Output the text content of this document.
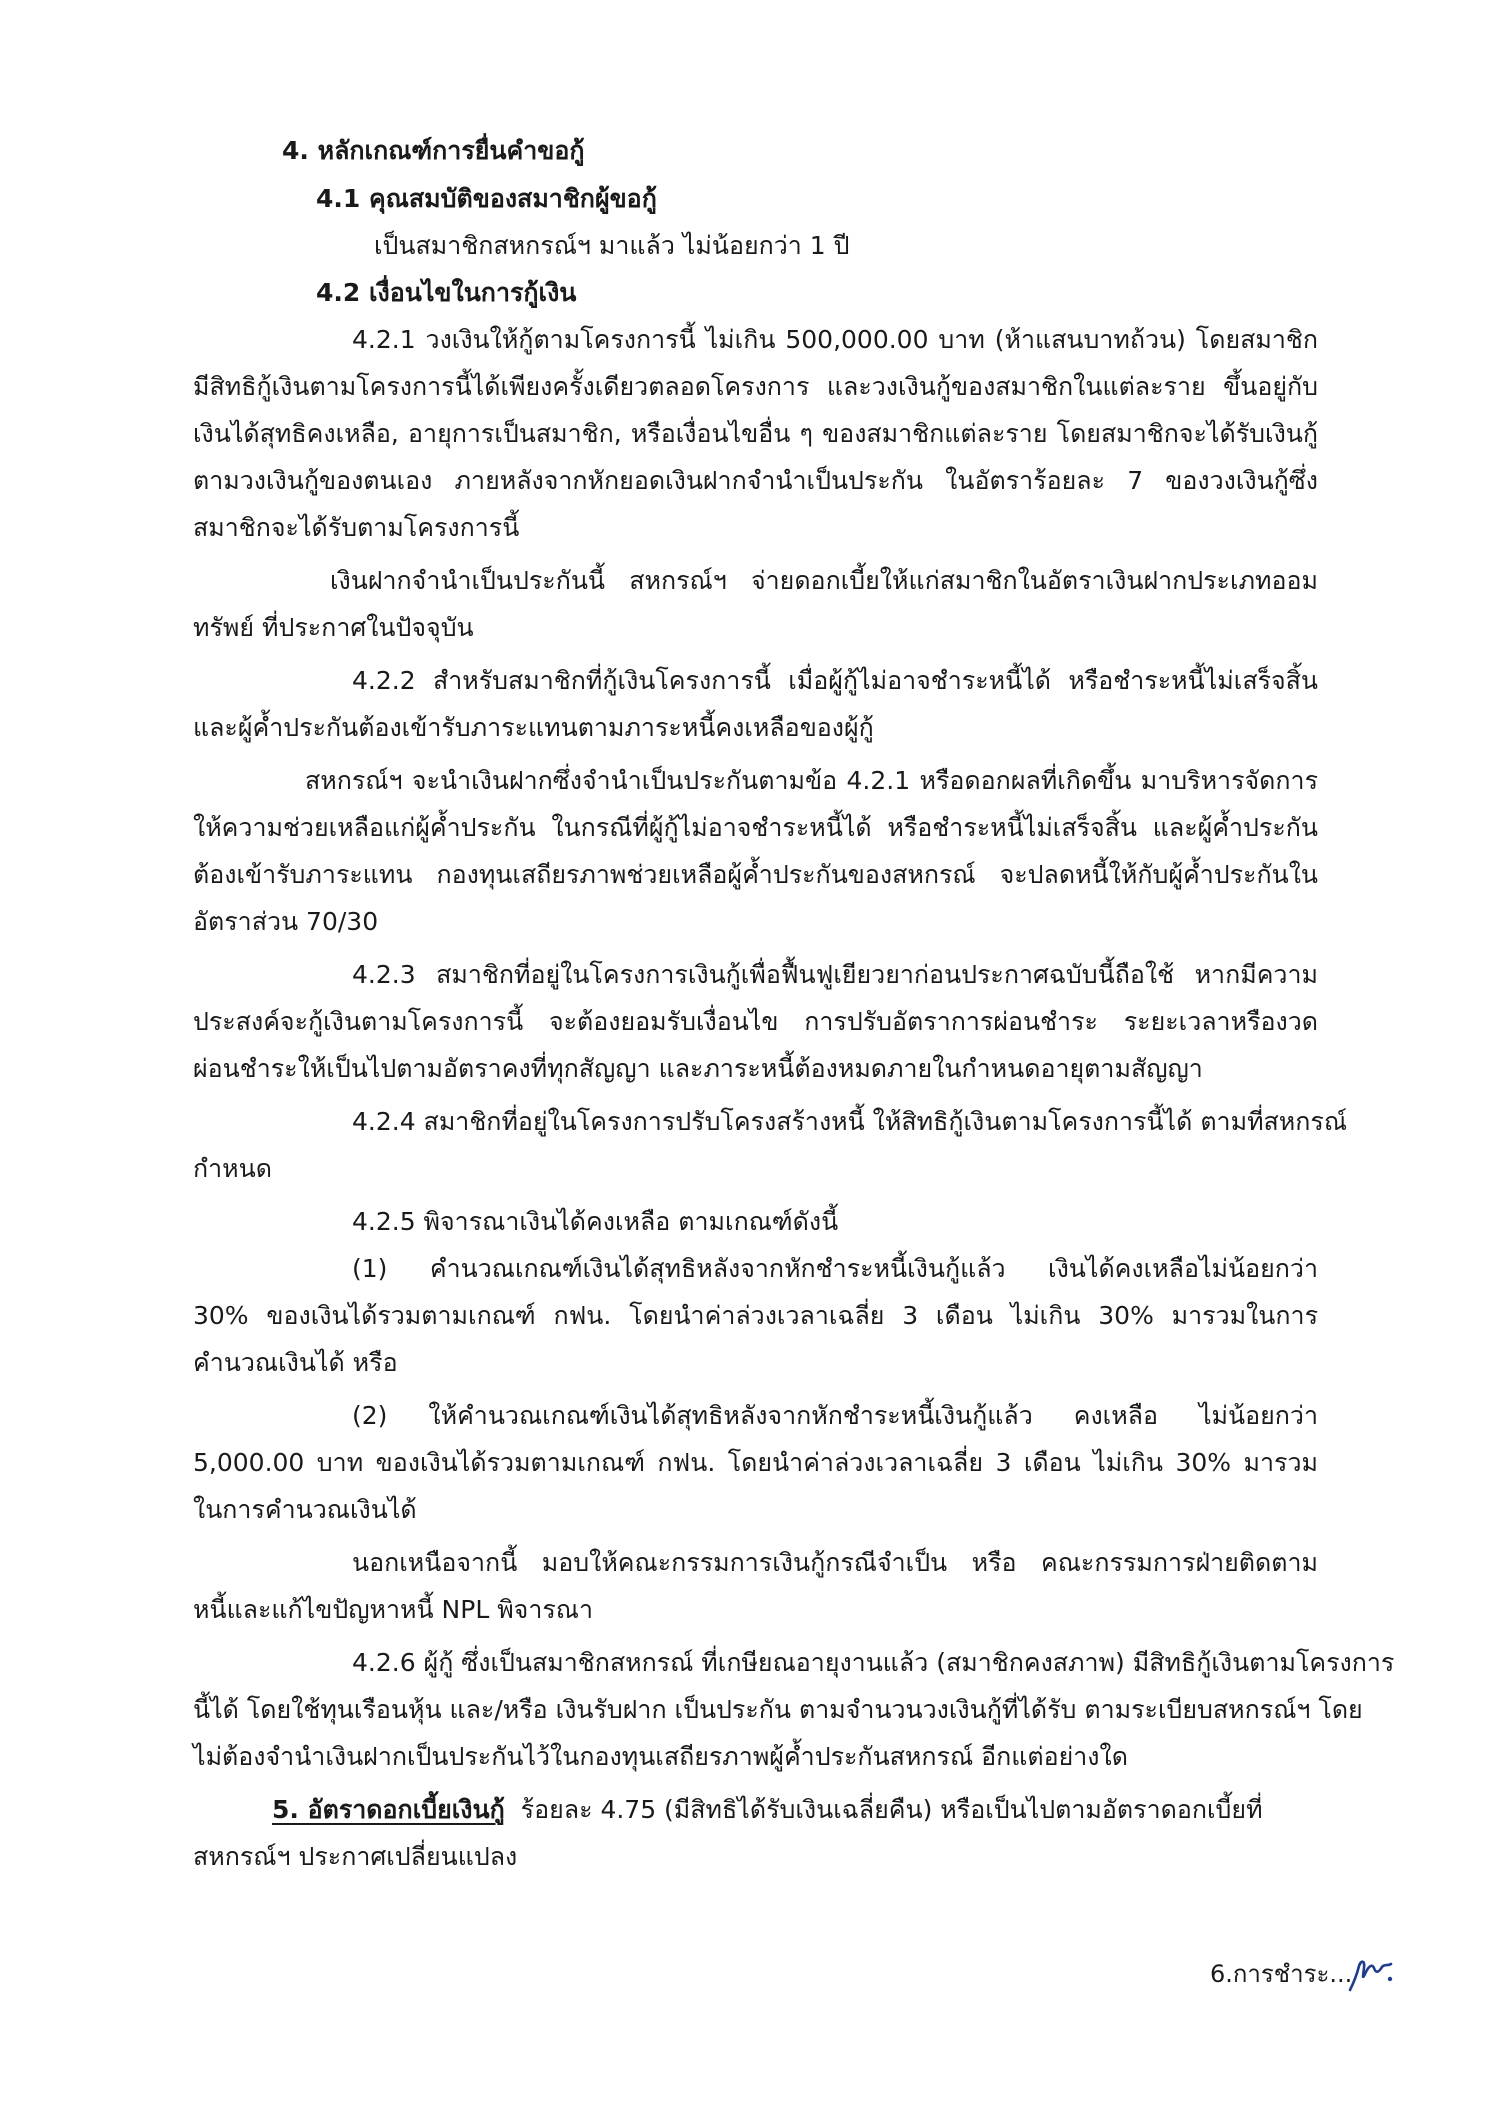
4. หลักเกณฑ์การยื่นคำขอกู้
4.1 คุณสมบัติของสมาชิกผู้ขอกู้
เป็นสมาชิกสหกรณ์ฯ มาแล้ว ไม่น้อยกว่า 1 ปี
4.2 เงื่อนไขในการกู้เงิน
4.2.1 วงเงินให้กู้ตามโครงการนี้ ไม่เกิน 500,000.00 บาท (ห้าแสนบาทถ้วน) โดยสมาชิก
มีสิทธิกู้เงินตามโครงการนี้ได้เพียงครั้งเดียวตลอดโครงการ และวงเงินกู้ของสมาชิกในแต่ละราย ขึ้นอยู่กับ
เงินได้สุทธิคงเหลือ, อายุการเป็นสมาชิก, หรือเงื่อนไขอื่น ๆ ของสมาชิกแต่ละราย โดยสมาชิกจะได้รับเงินกู้
ตามวงเงินกู้ของตนเอง ภายหลังจากหักยอดเงินฝากจำนำเป็นประกัน ในอัตราร้อยละ 7 ของวงเงินกู้ซึ่ง
สมาชิกจะได้รับตามโครงการนี้
เงินฝากจำนำเป็นประกันนี้ สหกรณ์ฯ จ่ายดอกเบี้ยให้แก่สมาชิกในอัตราเงินฝากประเภทออม
ทรัพย์ ที่ประกาศในปัจจุบัน
4.2.2 สำหรับสมาชิกที่กู้เงินโครงการนี้ เมื่อผู้กู้ไม่อาจชำระหนี้ได้ หรือชำระหนี้ไม่เสร็จสิ้น
และผู้ค้ำประกันต้องเข้ารับภาระแทนตามภาระหนี้คงเหลือของผู้กู้
สหกรณ์ฯ จะนำเงินฝากซึ่งจำนำเป็นประกันตามข้อ 4.2.1 หรือดอกผลที่เกิดขึ้น มาบริหารจัดการ
ให้ความช่วยเหลือแก่ผู้ค้ำประกัน ในกรณีที่ผู้กู้ไม่อาจชำระหนี้ได้ หรือชำระหนี้ไม่เสร็จสิ้น และผู้ค้ำประกัน
ต้องเข้ารับภาระแทน กองทุนเสถียรภาพช่วยเหลือผู้ค้ำประกันของสหกรณ์ จะปลดหนี้ให้กับผู้ค้ำประกันใน
อัตราส่วน 70/30
4.2.3 สมาชิกที่อยู่ในโครงการเงินกู้เพื่อฟื้นฟูเยียวยาก่อนประกาศฉบับนี้ถือใช้ หากมีความ
ประสงค์จะกู้เงินตามโครงการนี้ จะต้องยอมรับเงื่อนไข การปรับอัตราการผ่อนชำระ ระยะเวลาหรืองวด
ผ่อนชำระให้เป็นไปตามอัตราคงที่ทุกสัญญา และภาระหนี้ต้องหมดภายในกำหนดอายุตามสัญญา
4.2.4 สมาชิกที่อยู่ในโครงการปรับโครงสร้างหนี้ ให้สิทธิกู้เงินตามโครงการนี้ได้ ตามที่สหกรณ์
กำหนด
4.2.5 พิจารณาเงินได้คงเหลือ ตามเกณฑ์ดังนี้
(1) คำนวณเกณฑ์เงินได้สุทธิหลังจากหักชำระหนี้เงินกู้แล้ว เงินได้คงเหลือไม่น้อยกว่า
30% ของเงินได้รวมตามเกณฑ์ กฟน. โดยนำค่าล่วงเวลาเฉลี่ย 3 เดือน ไม่เกิน 30% มารวมในการ
คำนวณเงินได้ หรือ
(2) ให้คำนวณเกณฑ์เงินได้สุทธิหลังจากหักชำระหนี้เงินกู้แล้ว คงเหลือ ไม่น้อยกว่า
5,000.00 บาท ของเงินได้รวมตามเกณฑ์ กฟน. โดยนำค่าล่วงเวลาเฉลี่ย 3 เดือน ไม่เกิน 30% มารวม
ในการคำนวณเงินได้
นอกเหนือจากนี้ มอบให้คณะกรรมการเงินกู้กรณีจำเป็น หรือ คณะกรรมการฝ่ายติดตาม
หนี้และแก้ไขปัญหาหนี้ NPL พิจารณา
4.2.6 ผู้กู้ ซึ่งเป็นสมาชิกสหกรณ์ ที่เกษียณอายุงานแล้ว (สมาชิกคงสภาพ) มีสิทธิกู้เงินตามโครงการ
นี้ได้ โดยใช้ทุนเรือนหุ้น และ/หรือ เงินรับฝาก เป็นประกัน ตามจำนวนวงเงินกู้ที่ได้รับ ตามระเบียบสหกรณ์ฯ โดย
ไม่ต้องจำนำเงินฝากเป็นประกันไว้ในกองทุนเสถียรภาพผู้ค้ำประกันสหกรณ์ อีกแต่อย่างใด
5. อัตราดอกเบี้ยเงินกู้ ร้อยละ 4.75 (มีสิทธิได้รับเงินเฉลี่ยคืน) หรือเป็นไปตามอัตราดอกเบี้ยที่
สหกรณ์ฯ ประกาศเปลี่ยนแปลง
6.การชำระ...
